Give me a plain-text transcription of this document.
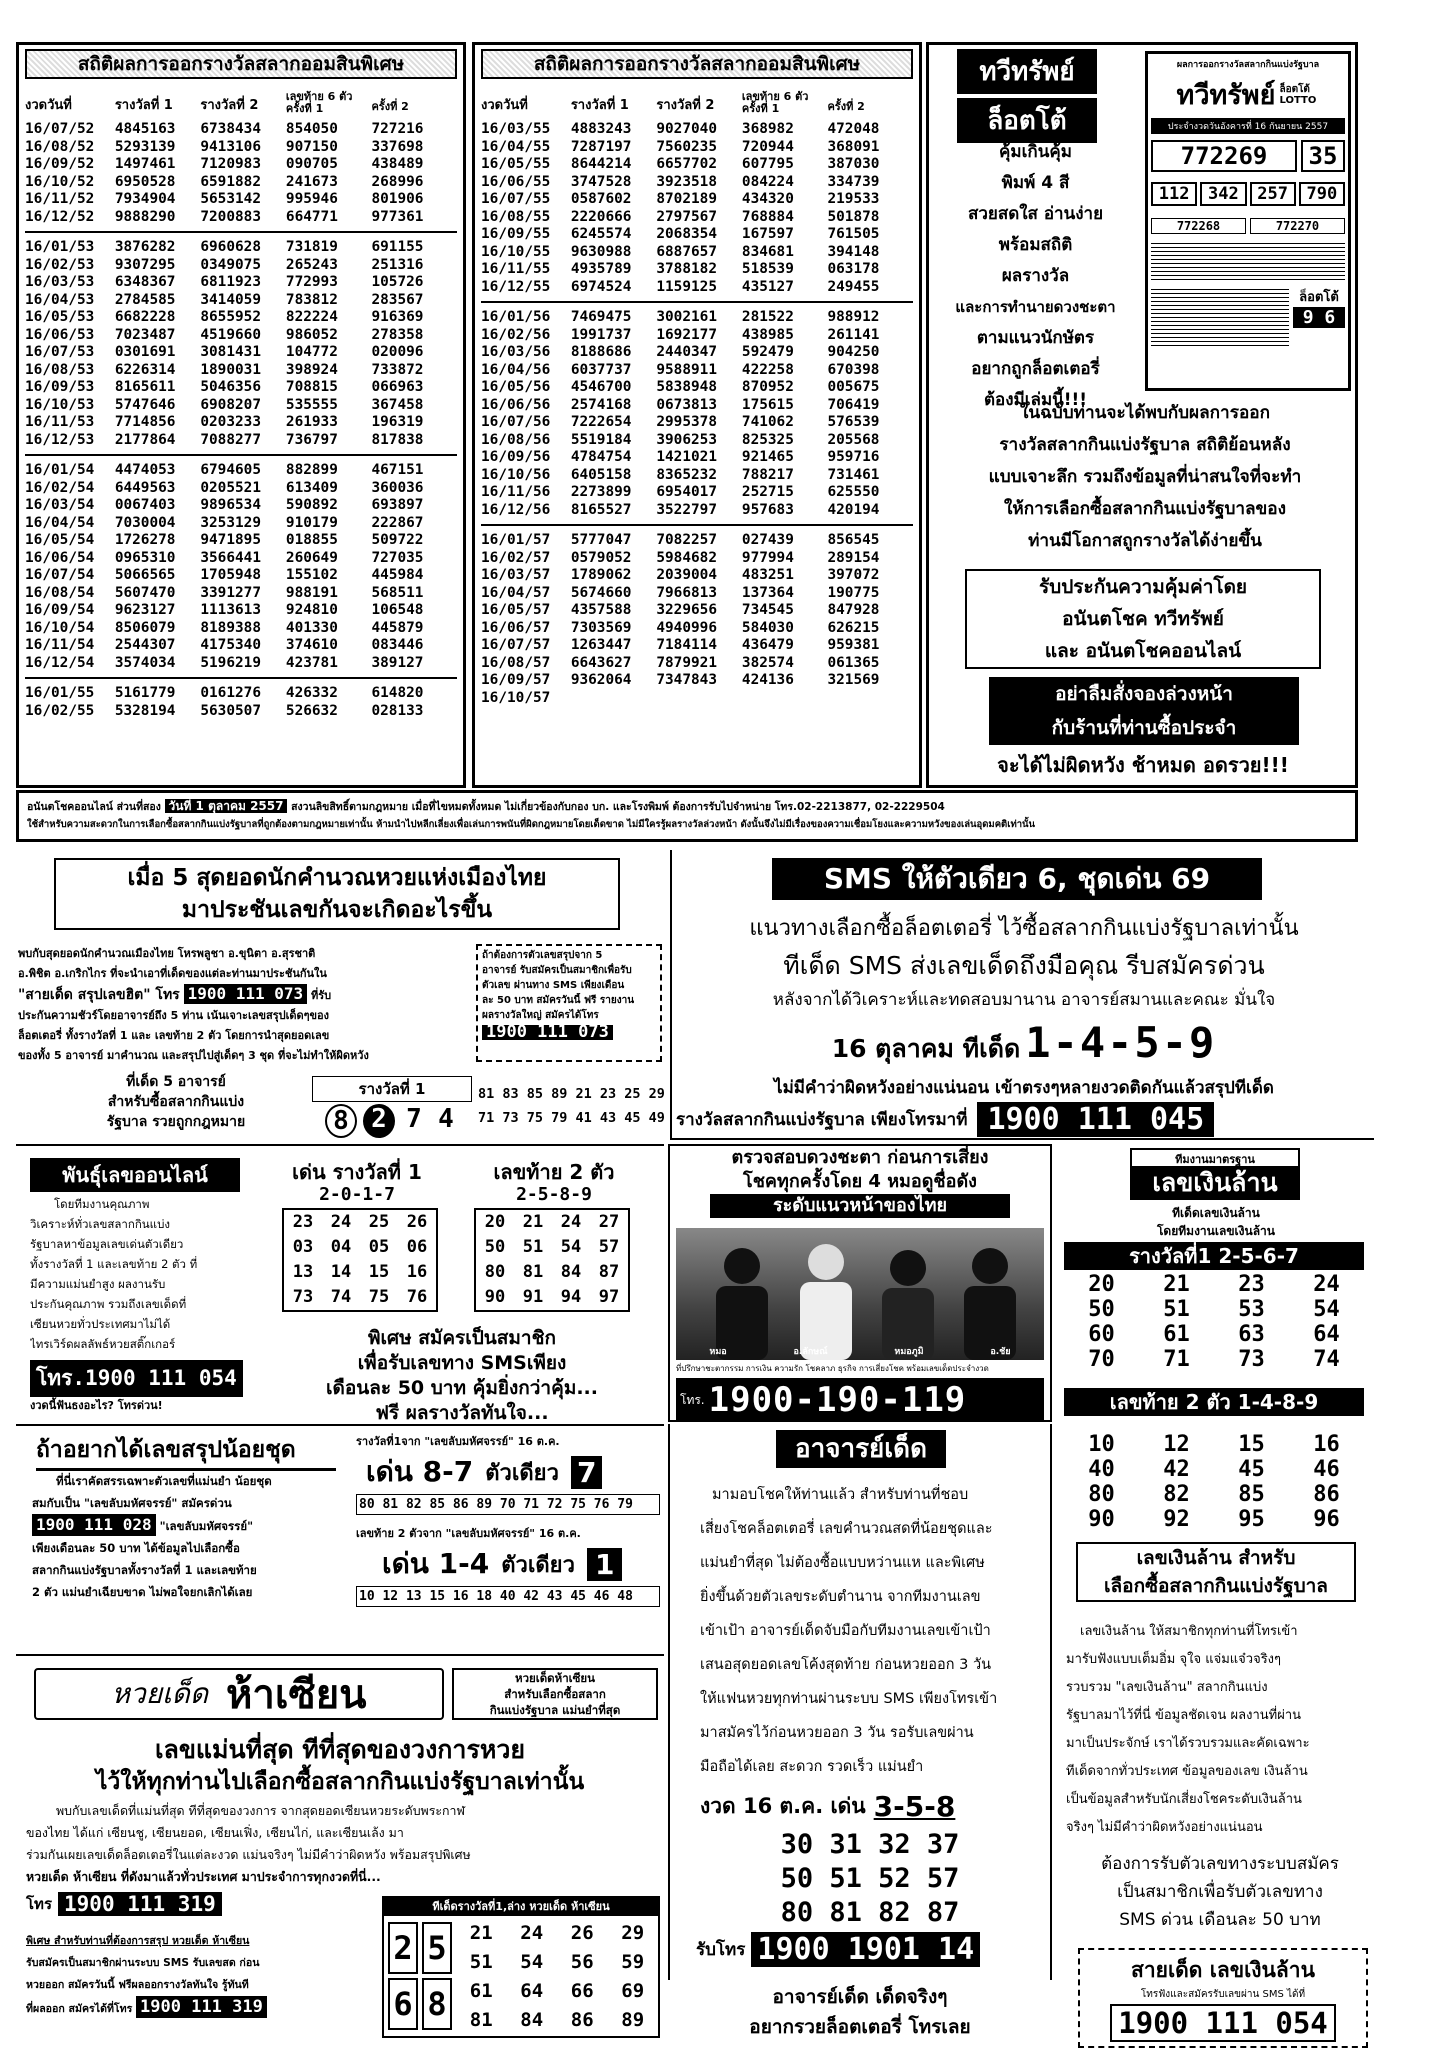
สถิติผลการออกรางวัลสลากออมสินพิเศษ
งวดวันที่	รางวัลที่ 1	รางวัลที่ 2
เลขท้าย 6 ตัว ครั้งที่ 1	ครั้งที่ 2
16/07/52	4845163	6738434	854050	727216
16/08/52	5293139	9413106	907150	337698
16/09/52	1497461	7120983	090705	438489
16/10/52	6950528	6591882	241673	268996
16/11/52	7934904	5653142	995946	801906
16/12/52	9888290	7200883	664771	977361
16/01/53	3876282	6960628	731819	691155
16/02/53	9307295	0349075	265243	251316
16/03/53	6348367	6811923	772993	105726
16/04/53	2784585	3414059	783812	283567
16/05/53	6682228	8655952	822224	916369
16/06/53	7023487	4519660	986052	278358
16/07/53	0301691	3081431	104772	020096
16/08/53	6226314	1890031	398924	733872
16/09/53	8165611	5046356	708815	066963
16/10/53	5747646	6908207	535555	367458
16/11/53	7714856	0203233	261933	196319
16/12/53	2177864	7088277	736797	817838
16/01/54	4474053	6794605	882899	467151
16/02/54	6449563	0205521	613409	360036
16/03/54	0067403	9896534	590892	693897
16/04/54	7030004	3253129	910179	222867
16/05/54	1726278	9471895	018855	509722
16/06/54	0965310	3566441	260649	727035
16/07/54	5066565	1705948	155102	445984
16/08/54	5607470	3391277	988191	568511
16/09/54	9623127	1113613	924810	106548
16/10/54	8506079	8189388	401330	445879
16/11/54	2544307	4175340	374610	083446
16/12/54	3574034	5196219	423781	389127
16/01/55	5161779	0161276	426332	614820
16/02/55	5328194	5630507	526632	028133
สถิติผลการออกรางวัลสลากออมสินพิเศษ
งวดวันที่	รางวัลที่ 1	รางวัลที่ 2
เลขท้าย 6 ตัว ครั้งที่ 1	ครั้งที่ 2
16/03/55	4883243	9027040	368982	472048
16/04/55	7287197	7560235	720944	368091
16/05/55	8644214	6657702	607795	387030
16/06/55	3747528	3923518	084224	334739
16/07/55	0587602	8702189	434320	219533
16/08/55	2220666	2797567	768884	501878
16/09/55	6245574	2068354	167597	761505
16/10/55	9630988	6887657	834681	394148
16/11/55	4935789	3788182	518539	063178
16/12/55	6974524	1159125	435127	249455
16/01/56	7469475	3002161	281522	988912
16/02/56	1991737	1692177	438985	261141
16/03/56	8188686	2440347	592479	904250
16/04/56	6037737	9588911	422258	670398
16/05/56	4546700	5838948	870952	005675
16/06/56	2574168	0673813	175615	706419
16/07/56	7222654	2995378	741062	576539
16/08/56	5519184	3906253	825325	205568
16/09/56	4784754	1421021	921465	959716
16/10/56	6405158	8365232	788217	731461
16/11/56	2273899	6954017	252715	625550
16/12/56	8165527	3522797	957683	420194
16/01/57	5777047	7082257	027439	856545
16/02/57	0579052	5984682	977994	289154
16/03/57	1789062	2039004	483251	397072
16/04/57	5674660	7966813	137364	190775
16/05/57	4357588	3229656	734545	847928
16/06/57	7303569	4940996	584030	626215
16/07/57	1263447	7184114	436479	959381
16/08/57	6643627	7879921	382574	061365
16/09/57	9362064	7347843	424136	321569
16/10/57
ทวีทรัพย์
ล็อตโต้
คุ้มเกินคุ้ม
พิมพ์ 4 สี
สวยสดใส อ่านง่าย
พร้อมสถิติ
ผลรางวัล
และการทำนายดวงชะตา
ตามแนวนักษัตร
อยากถูกล็อตเตอรี่
ต้องมีเล่มนี้!!!
ผลการออกรางวัลสลากกินแบ่งรัฐบาล
ทวีทรัพย์ ล็อตโต้ LOTTO
ประจำงวดวันอังคารที่ 16 กันยายน 2557
772269	35
112	342	257	790
772268	772270
ล็อตโต้
9 6
ในฉบับท่านจะได้พบกับผลการออก
รางวัลสลากกินแบ่งรัฐบาล สถิติย้อนหลัง
แบบเจาะลึก รวมถึงข้อมูลที่น่าสนใจที่จะทำ
ให้การเลือกซื้อสลากกินแบ่งรัฐบาลของ
ท่านมีโอกาสถูกรางวัลได้ง่ายขึ้น
รับประกันความคุ้มค่าโดย
อนันตโชค ทวีทรัพย์
และ อนันตโชคออนไลน์
อย่าลืมสั่งจองล่วงหน้า
กับร้านที่ท่านซื้อประจำ
จะได้ไม่ผิดหวัง ช้าหมด อดรวย!!!
อนันตโชคออนไลน์ ส่วนที่สอง วันที่ 1 ตุลาคม 2557 สงวนลิขสิทธิ์ตามกฎหมาย เมื่อที่ไขหมดทั้งหมด ไม่เกี่ยวข้องกับกอง บก. และโรงพิมพ์ ต้องการรับไปจำหน่าย โทร.02-2213877, 02-2229504
ใช้สำหรับความสะดวกในการเลือกซื้อสลากกินแบ่งรัฐบาลที่ถูกต้องตามกฎหมายเท่านั้น ห้ามนำไปหลีกเลี่ยงเพื่อเล่นการพนันที่ผิดกฎหมายโดยเด็ดขาด ไม่มีใครรู้ผลรางวัลล่วงหน้า ดังนั้นจึงไม่มีเรื่องของความเชื่อมโยงและความหวังของเล่นอุดมคติเท่านั้น
เมื่อ 5 สุดยอดนักคำนวณหวยแห่งเมืองไทย
มาประชันเลขกันจะเกิดอะไรขึ้น
พบกับสุดยอดนักคำนวณเมืองไทย โหรพลูชา อ.ขุนิตา อ.สุรชาติ
อ.พิชิต อ.เกริกไกร ที่จะนำเอาที่เด็ดของแต่ละท่านมาประชันกันใน
"สายเด็ด สรุปเลขฮิต" โทร 1900 111 073 ที่รับ
ประกันความชัวร์โดยอาจารย์ถึง 5 ท่าน เน้นเจาะเลขสรุปเด็ดๆของ
ล็อตเตอรี่ ทั้งรางวัลที่ 1 และ เลขท้าย 2 ตัว โดยการนำสุดยอดเลข
ของทั้ง 5 อาจารย์ มาคำนวณ และสรุปไปสู่เด็ดๆ 3 ชุด ที่จะไม่ทำให้ผิดหวัง
ถ้าต้องการตัวเลขสรุปจาก 5
อาจารย์ รับสมัครเป็นสมาชิกเพื่อรับ
ตัวเลข ผ่านทาง SMS เพียงเดือน
ละ 50 บาท สมัครวันนี้ ฟรี รายงาน
ผลรางวัลใหญ่ สมัครได้โทร
1900 111 073
ที่เด็ด 5 อาจารย์
สำหรับซื้อสลากกินแบ่ง
รัฐบาล รวยถูกกฎหมาย
รางวัลที่ 1
8 2 7 4
81 83 85 89 21 23 25 29
71 73 75 79 41 43 45 49
SMS ให้ตัวเดียว 6, ชุดเด่น 69
แนวทางเลือกซื้อล็อตเตอรี่ ไว้ซื้อสลากกินแบ่งรัฐบาลเท่านั้น
ทีเด็ด SMS ส่งเลขเด็ดถึงมือคุณ รีบสมัครด่วน
หลังจากได้วิเคราะห์และทดสอบมานาน อาจารย์สมานและคณะ มั่นใจ
16 ตุลาคม ทีเด็ด 1-4-5-9
ไม่มีคำว่าผิดหวังอย่างแน่นอน เข้าตรงๆหลายงวดติดกันแล้วสรุปทีเด็ด
รางวัลสลากกินแบ่งรัฐบาล เพียงโทรมาที่ 1900 111 045
พันธุ์เลขออนไลน์
โดยทีมงานคุณภาพ
วิเคราะห์ทั่วเลขสลากกินแบ่ง
รัฐบาลหาข้อมูลเลขเด่นตัวเดียว
ทั้งรางวัลที่ 1 และเลขท้าย 2 ตัว ที่
มีความแม่นยำสูง ผลงานรับ
ประกันคุณภาพ รวมถึงเลขเด็ดที่
เซียนหวยทั่วประเทศมาไม่ได้
ไทรเวิร์ดผลลัพธ์หวยสติ๊กเกอร์
โทร.1900 111 054
งวดนี้ฟันธงอะไร? โทรด่วน!
เด่น รางวัลที่ 1
2-0-1-7
23	24	25	26
03	04	05	06
13	14	15	16
73	74	75	76
เลขท้าย 2 ตัว
2-5-8-9
20	21	24	27
50	51	54	57
80	81	84	87
90	91	94	97
พิเศษ สมัครเป็นสมาชิก
เพื่อรับเลขทาง SMSเพียง
เดือนละ 50 บาท คุ้มยิ่งกว่าคุ้ม...
ฟรี ผลรางวัลทันใจ...
ตรวจสอบดวงชะตา ก่อนการเสี่ยง
โชคทุกครั้งโดย 4 หมอดูชื่อดัง
ระดับแนวหน้าของไทย
หมอ	อ.ลักษณ์	หมอภูมิ	อ.ชัย
ที่ปรึกษาชะตากรรม การเงิน ความรัก โชคลาภ ธุรกิจ การเสี่ยงโชค พร้อมเลขเด็ดประจำงวด
โทร. 1900-190-119
ทีมงานมาตรฐาน
เลขเงินล้าน
ทีเด็ดเลขเงินล้าน
โดยทีมงานเลขเงินล้าน
รางวัลที่1 2-5-6-7
20	21	23	24
50	51	53	54
60	61	63	64
70	71	73	74
เลขท้าย 2 ตัว 1-4-8-9
ถ้าอยากได้เลขสรุปน้อยชุด
ที่นี่เราคัดสรรเฉพาะตัวเลขที่แม่นยำ น้อยชุด
สมกับเป็น "เลขลับมหัศจรรย์" สมัครด่วน
1900 111 028 "เลขลับมหัศจรรย์"
เพียงเดือนละ 50 บาท ได้ข้อมูลไปเลือกซื้อ
สลากกินแบ่งรัฐบาลทั้งรางวัลที่ 1 และเลขท้าย
2 ตัว แม่นยำเฉียบขาด ไม่พอใจยกเลิกได้เลย
รางวัลที่1จาก "เลขลับมหัศจรรย์" 16 ต.ค.
เด่น 8-7 ตัวเดียว 7
80 81 82 85 86 89 70 71 72 75 76 79
เลขท้าย 2 ตัวจาก "เลขลับมหัศจรรย์" 16 ต.ค.
เด่น 1-4 ตัวเดียว 1
10 12 13 15 16 18 40 42 43 45 46 48
อาจารย์เด็ด
มามอบโชคให้ท่านแล้ว สำหรับท่านที่ชอบ
เสี่ยงโชคล็อตเตอรี่ เลขคำนวณสดที่น้อยชุดและ
แม่นยำที่สุด ไม่ต้องซื้อแบบหว่านแห และพิเศษ
ยิ่งขึ้นด้วยตัวเลขระดับตำนาน จากทีมงานเลข
เข้าเป้า อาจารย์เด็ดจับมือกับทีมงานเลขเข้าเป้า
เสนอสุดยอดเลขโค้งสุดท้าย ก่อนหวยออก 3 วัน
ให้แฟนหวยทุกท่านผ่านระบบ SMS เพียงโทรเข้า
มาสมัครไว้ก่อนหวยออก 3 วัน รอรับเลขผ่าน
มือถือได้เลย สะดวก รวดเร็ว แม่นยำ
งวด 16 ต.ค. เด่น 3-5-8
30 31 32 37
50 51 52 57
80 81 82 87
รับโทร 1900 1901 14
อาจารย์เด็ด เด็ดจริงๆ
อยากรวยล็อตเตอรี่ โทรเลย
10	12	15	16
40	42	45	46
80	82	85	86
90	92	95	96
เลขเงินล้าน สำหรับ
เลือกซื้อสลากกินแบ่งรัฐบาล
เลขเงินล้าน ให้สมาชิกทุกท่านที่โทรเข้า
มารับฟังแบบเต็มอิ่ม จุใจ แจ่มแจ๋วจริงๆ
รวบรวม "เลขเงินล้าน" สลากกินแบ่ง
รัฐบาลมาไว้ที่นี่ ข้อมูลชัดเจน ผลงานที่ผ่าน
มาเป็นประจักษ์ เราได้รวบรวมและคัดเฉพาะ
ทีเด็ดจากทั่วประเทศ ข้อมูลของเลข เงินล้าน
เป็นข้อมูลสำหรับนักเสี่ยงโชคระดับเงินล้าน
จริงๆ ไม่มีคำว่าผิดหวังอย่างแน่นอน
ต้องการรับตัวเลขทางระบบสมัคร
เป็นสมาชิกเพื่อรับตัวเลขทาง
SMS ด่วน เดือนละ 50 บาท
สายเด็ด เลขเงินล้าน
โทรฟังและสมัครรับเลขผ่าน SMS ได้ที่
1900 111 054
หวยเด็ด ห้าเซียน	หวยเด็ดห้าเซียน
สำหรับเลือกซื้อสลาก
กินแบ่งรัฐบาล แม่นยำที่สุด
เลขแม่นที่สุด ทีที่สุดของวงการหวย
ไว้ให้ทุกท่านไปเลือกซื้อสลากกินแบ่งรัฐบาลเท่านั้น
พบกับเลขเด็ดที่แม่นที่สุด ทีที่สุดของวงการ จากสุดยอดเซียนหวยระดับพระกาฬ
ของไทย ได้แก่ เซียนชู, เซียนยอด, เซียนเฟิ่ง, เซียนไก่, และเซียนเล้ง มา
ร่วมกันเผยเลขเด็ดล็อตเตอรี่ในแต่ละงวด แม่นจริงๆ ไม่มีคำว่าผิดหวัง พร้อมสรุปพิเศษ
หวยเด็ด ห้าเซียน ที่ดังมาแล้วทั่วประเทศ มาประจำการทุกงวดที่นี่...
โทร 1900 111 319
พิเศษ สำหรับท่านที่ต้องการสรุป หวยเด็ด ห้าเซียน
รับสมัครเป็นสมาชิกผ่านระบบ SMS รับเลขสด ก่อน
หวยออก สมัครวันนี้ ฟรีผลออกรางวัลทันใจ รู้ทันที
ที่ผลออก สมัครได้ที่โทร 1900 111 319
ทีเด็ดรางวัลที่1,ล่าง หวยเด็ด ห้าเซียน
2 5
6 8
21	24	26	29
51	54	56	59
61	64	66	69
81	84	86	89
